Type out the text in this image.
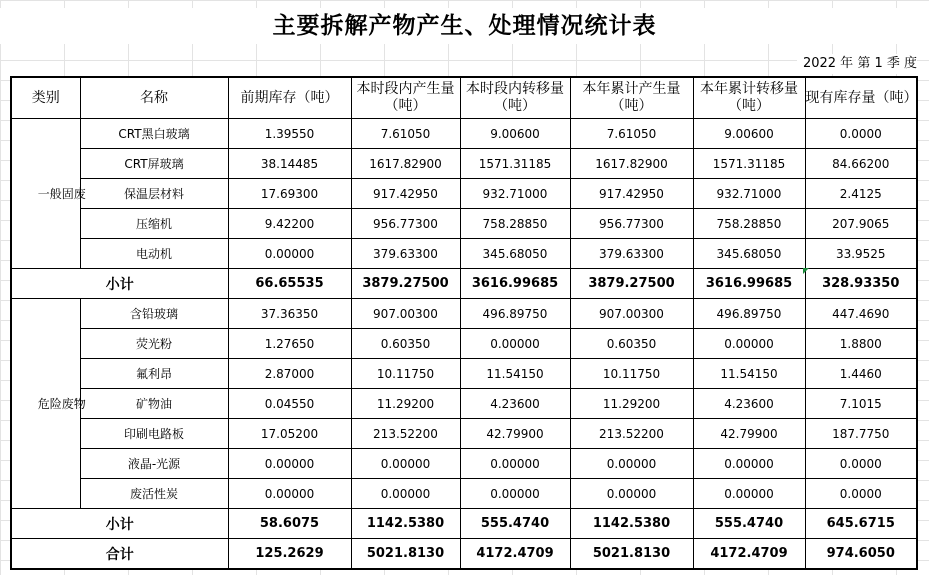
主要拆解产物产生、处理情况统计表
2022 年 第 1 季 度
类别	名称	前期库存（吨）	本时段内产生量（吨）	本时段内转移量（吨）	本年累计产生量（吨）	本年累计转移量（吨）	现有库存量（吨）

一般固废	CRT黑白玻璃	1.39550	7.61050	9.00600	7.61050	9.00600	0.0000
	CRT屏玻璃	38.14485	1617.82900	1571.31185	1617.82900	1571.31185	84.66200
	保温层材料	17.69300	917.42950	932.71000	917.42950	932.71000	2.4125
	压缩机	9.42200	956.77300	758.28850	956.77300	758.28850	207.9065
	电动机	0.00000	379.63300	345.68050	379.63300	345.68050	33.9525
小计		66.65535	3879.27500	3616.99685	3879.27500	3616.99685	328.93350

危险废物	含铅玻璃	37.36350	907.00300	496.89750	907.00300	496.89750	447.4690
	荧光粉	1.27650	0.60350	0.00000	0.60350	0.00000	1.8800
	氟利昂	2.87000	10.11750	11.54150	10.11750	11.54150	1.4460
	矿物油	0.04550	11.29200	4.23600	11.29200	4.23600	7.1015
	印刷电路板	17.05200	213.52200	42.79900	213.52200	42.79900	187.7750
	液晶-光源	0.00000	0.00000	0.00000	0.00000	0.00000	0.0000
	废活性炭	0.00000	0.00000	0.00000	0.00000	0.00000	0.0000
小计		58.6075	1142.5380	555.4740	1142.5380	555.4740	645.6715
合计		125.2629	5021.8130	4172.4709	5021.8130	4172.4709	974.6050
